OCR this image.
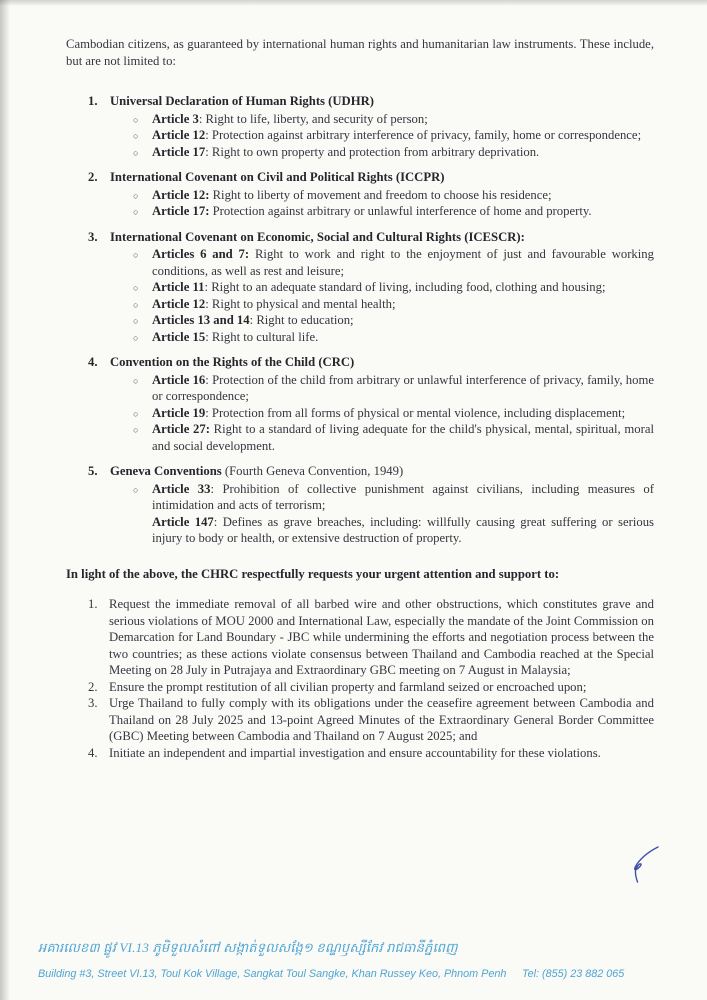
Cambodian citizens, as guaranteed by international human rights and humanitarian law instruments. These include, but are not limited to:

1. Universal Declaration of Human Rights (UDHR)
○	Article 3: Right to life, liberty, and security of person;
○	Article 12: Protection against arbitrary interference of privacy, family, home or correspondence;
○	Article 17: Right to own property and protection from arbitrary deprivation.
2. International Covenant on Civil and Political Rights (ICCPR)
○	Article 12: Right to liberty of movement and freedom to choose his residence;
○	Article 17: Protection against arbitrary or unlawful interference of home and property.
3. International Covenant on Economic, Social and Cultural Rights (ICESCR):
○	Articles 6 and 7: Right to work and right to the enjoyment of just and favourable working conditions, as well as rest and leisure;
○	Article 11: Right to an adequate standard of living, including food, clothing and housing;
○	Article 12: Right to physical and mental health;
○	Articles 13 and 14: Right to education;
○	Article 15: Right to cultural life.
4. Convention on the Rights of the Child (CRC)
○	Article 16: Protection of the child from arbitrary or unlawful interference of privacy, family, home or correspondence;
○	Article 19: Protection from all forms of physical or mental violence, including displacement;
○	Article 27: Right to a standard of living adequate for the child's physical, mental, spiritual, moral and social development.
5. Geneva Conventions (Fourth Geneva Convention, 1949)
○	Article 33: Prohibition of collective punishment against civilians, including measures of intimidation and acts of terrorism;
Article 147: Defines as grave breaches, including: willfully causing great suffering or serious injury to body or health, or extensive destruction of property.
In light of the above, the CHRC respectfully requests your urgent attention and support to:
1. Request the immediate removal of all barbed wire and other obstructions, which constitutes grave and serious violations of MOU 2000 and International Law, especially the mandate of the Joint Commission on Demarcation for Land Boundary - JBC while undermining the efforts and negotiation process between the two countries; as these actions violate consensus between Thailand and Cambodia reached at the Special Meeting on 28 July in Putrajaya and Extraordinary GBC meeting on 7 August in Malaysia;
2. Ensure the prompt restitution of all civilian property and farmland seized or encroached upon;
3. Urge Thailand to fully comply with its obligations under the ceasefire agreement between Cambodia and Thailand on 28 July 2025 and 13-point Agreed Minutes of the Extraordinary General Border Committee (GBC) Meeting between Cambodia and Thailand on 7 August 2025; and
4. Initiate an independent and impartial investigation and ensure accountability for these violations.
អគារលេខ៣ ផ្លូវ VI.13 ភូមិទួលសំពៅ សង្កាត់ទួលសង្កែ១ ខណ្ឌឫស្សីកែវ រាជធានីភ្នំពេញ
Building #3, Street VI.13, Toul Kok Village, Sangkat Toul Sangke, Khan Russey Keo, Phnom Penh Tel: (855) 23 882 065
